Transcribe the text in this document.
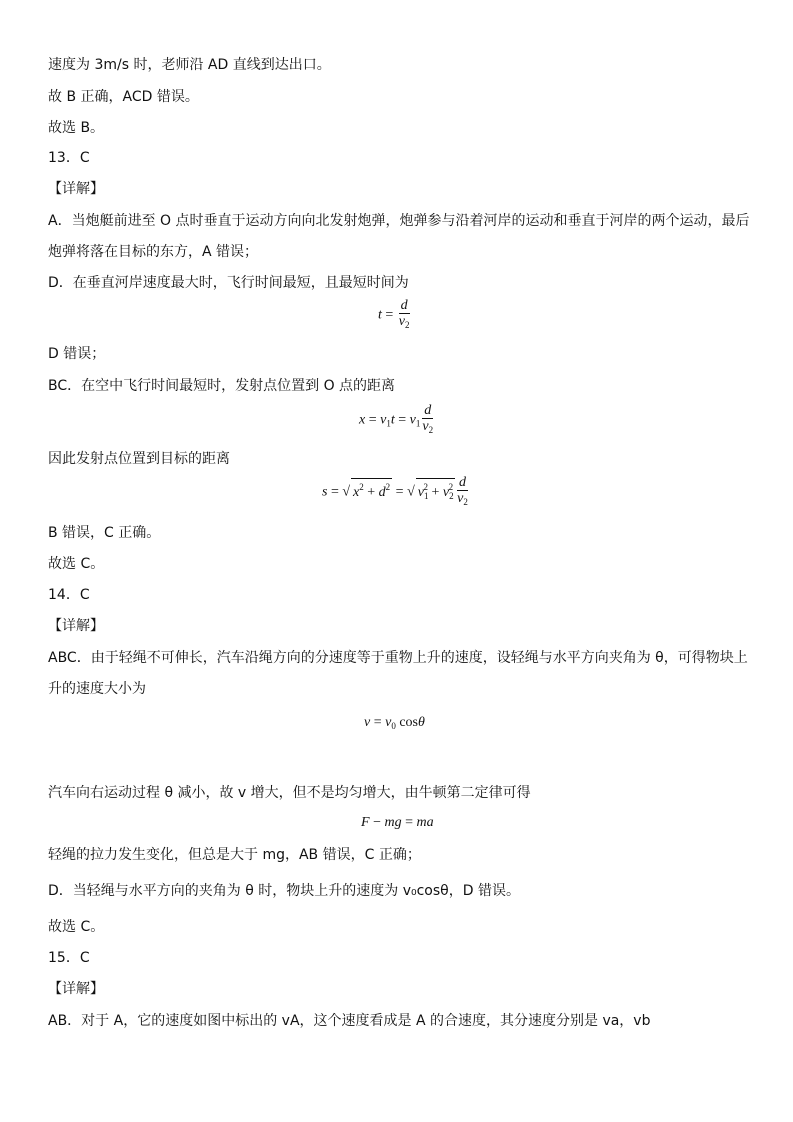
速度为 3m/s 时，老师沿 AD 直线到达出口。
故 B 正确，ACD 错误。
故选 B。
13．C
【详解】
A．当炮艇前进至 O 点时垂直于运动方向向北发射炮弹，炮弹参与沿着河岸的运动和垂直于河岸的两个运动，最后
炮弹将落在目标的东方，A 错误；
D．在垂直河岸速度最大时，飞行时间最短，且最短时间为
$t = \frac{d}{v_2}$
D 错误；
BC．在空中飞行时间最短时，发射点位置到 O 点的距离
$x = v_1t = v_1 \frac{d}{v_2}$
因此发射点位置到目标的距离
s = √ $x^2 + d^2$ = √ $v_1^2 + v_2^2 \frac{d}{v_2}$
B 错误，C 正确。
故选 C。
14．C
【详解】
ABC．由于轻绳不可伸长，汽车沿绳方向的分速度等于重物上升的速度，设轻绳与水平方向夹角为 θ，可得物块上
升的速度大小为
$v = v_0$ cosθ
汽车向右运动过程 θ 减小，故 v 增大，但不是均匀增大，由牛顿第二定律可得
F − mg = ma
轻绳的拉力发生变化，但总是大于 mg，AB 错误，C 正确；
D．当轻绳与水平方向的夹角为 θ 时，物块上升的速度为 v₀cosθ，D 错误。
故选 C。
15．C
【详解】
AB．对于 A，它的速度如图中标出的 vA，这个速度看成是 A 的合速度，其分速度分别是 va，vb
